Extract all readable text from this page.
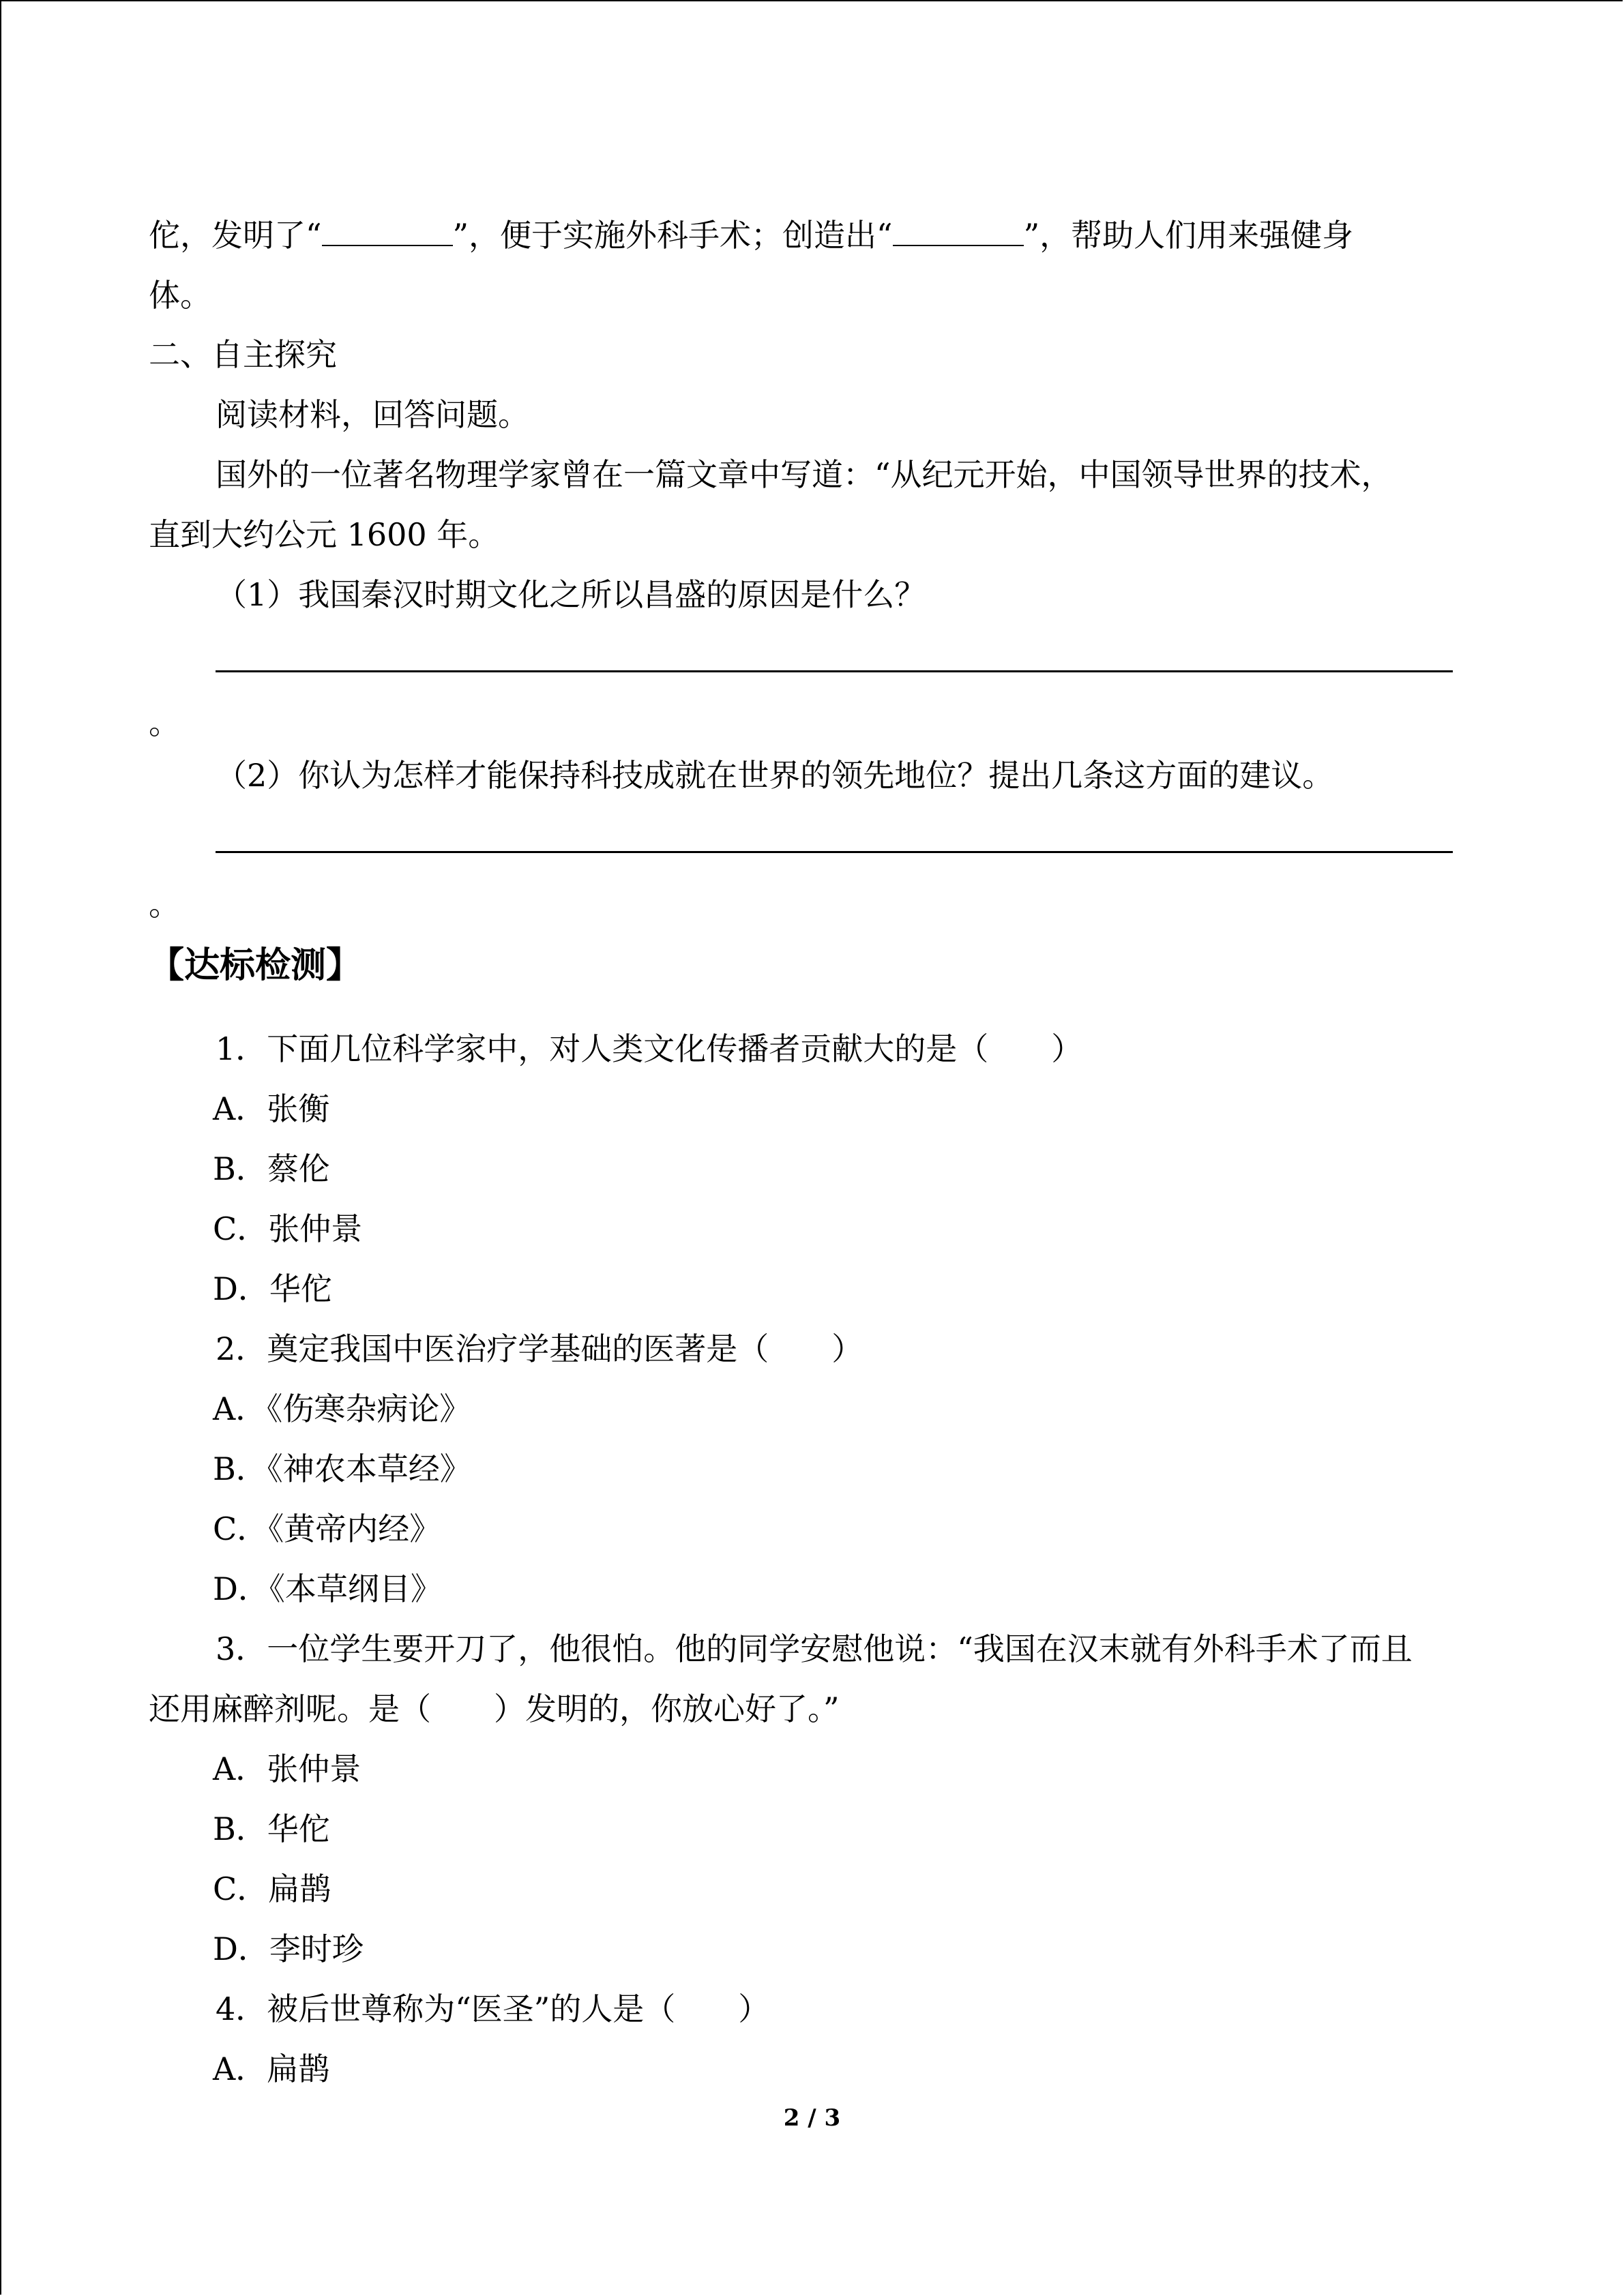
佗，发明了“	”，便于实施外科手术；创造出“	”，帮助人们用来强健身
体。
二、自主探究
阅读材料，回答问题。
国外的一位著名物理学家曾在一篇文章中写道：“从纪元开始，中国领导世界的技术，
直到大约公元 1600 年。
（1）我国秦汉时期文化之所以昌盛的原因是什么？
。
（2）你认为怎样才能保持科技成就在世界的领先地位？提出几条这方面的建议。
。
【达标检测】
1．下面几位科学家中，对人类文化传播者贡献大的是（　　）
A．张衡
B．蔡伦
C．张仲景
D．华佗
2．奠定我国中医治疗学基础的医著是（　　）
A．《伤寒杂病论》
B．《神农本草经》
C．《黄帝内经》
D．《本草纲目》
3．一位学生要开刀了，他很怕。他的同学安慰他说：“我国在汉末就有外科手术了而且
还用麻醉剂呢。是（　　）发明的，你放心好了。”
A．张仲景
B．华佗
C．扁鹊
D．李时珍
4．被后世尊称为“医圣”的人是（　　）
A．扁鹊
2 / 3
